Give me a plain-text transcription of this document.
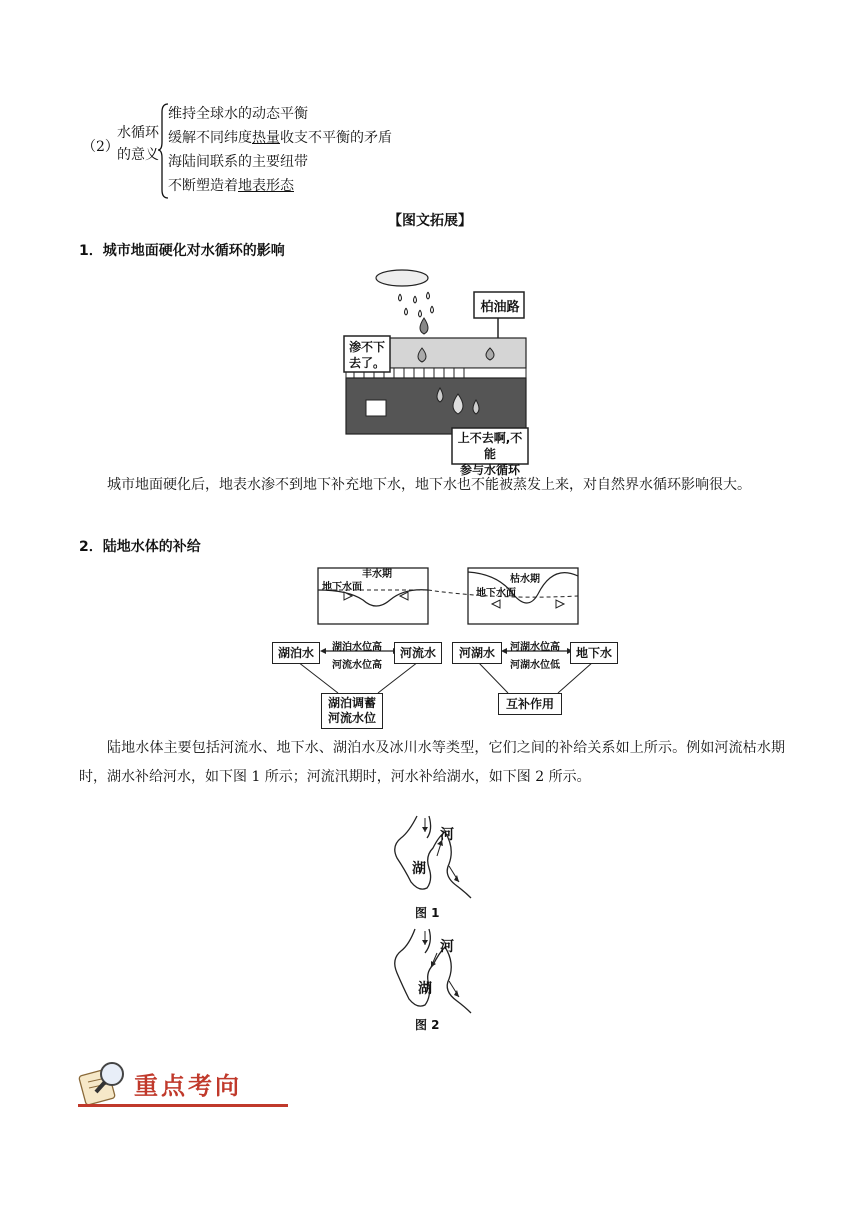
（2）
水循环
的意义
维持全球水的动态平衡
缓解不同纬度热量收支不平衡的矛盾
海陆间联系的主要纽带
不断塑造着地表形态
【图文拓展】
1．城市地面硬化对水循环的影响
柏油路
渗不下
去了。
上不去啊,不能
参与水循环
城市地面硬化后，地表水渗不到地下补充地下水，地下水也不能被蒸发上来，对自然界水循环影响很大。
2．陆地水体的补给
丰水期
地下水面
枯水期
地下水面
湖泊水	河流水
湖泊水位高
河流水位高
湖泊调蓄
河流水位
河湖水	地下水
河湖水位高
河湖水位低
互补作用
陆地水体主要包括河流水、地下水、湖泊水及冰川水等类型，它们之间的补给关系如上所示。例如河流枯水期时，湖水补给河水，如下图 1 所示；河流汛期时，河水补给湖水，如下图 2 所示。
河
湖
图 1
河
湖
图 2
重点考向
